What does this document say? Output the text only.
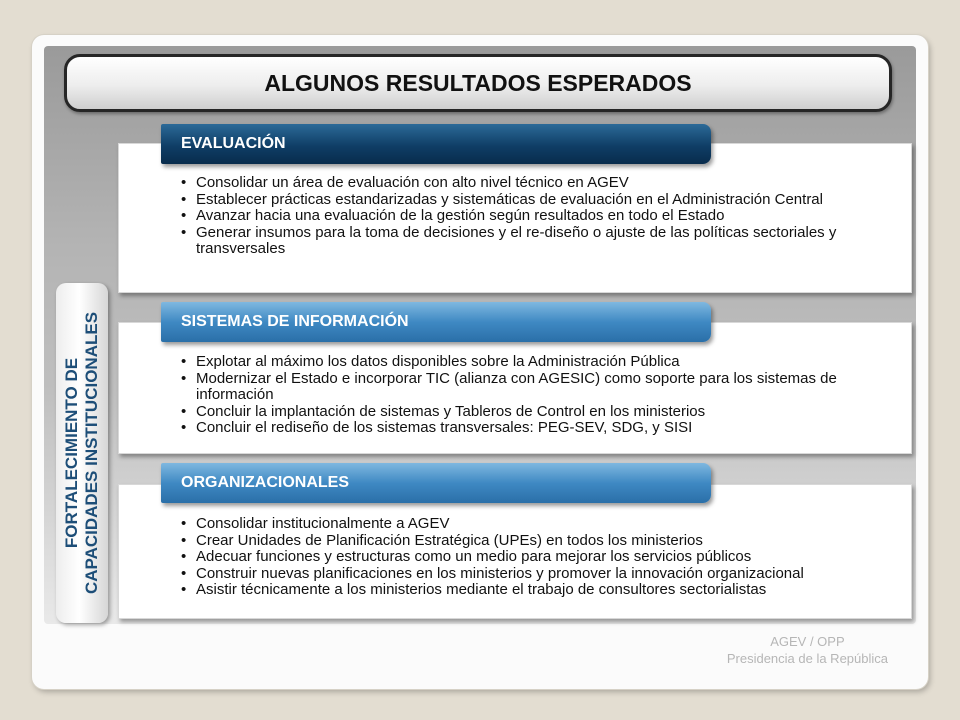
ALGUNOS RESULTADOS ESPERADOS
FORTALECIMIENTO DE CAPACIDADES INSTITUCIONALES
• Consolidar un área de evaluación con alto nivel técnico en AGEV
• Establecer prácticas estandarizadas y sistemáticas de evaluación en el Administración Central
• Avanzar hacia una evaluación de la gestión según resultados en todo el Estado
• Generar insumos para la toma de decisiones y el re-diseño o ajuste de las políticas sectoriales y transversales
EVALUACIÓN
• Explotar al máximo los datos disponibles sobre la Administración Pública
• Modernizar el Estado e incorporar TIC (alianza con AGESIC) como soporte para los sistemas de información
• Concluir la implantación de sistemas y Tableros de Control en los ministerios
• Concluir el rediseño de los sistemas transversales: PEG-SEV, SDG, y SISI
SISTEMAS DE INFORMACIÓN
• Consolidar institucionalmente a AGEV
• Crear Unidades de Planificación Estratégica (UPEs) en todos los ministerios
• Adecuar funciones y estructuras como un medio para mejorar los servicios públicos
• Construir nuevas planificaciones en los ministerios y promover la innovación organizacional
• Asistir técnicamente a los ministerios mediante el trabajo de consultores sectorialistas
ORGANIZACIONALES
AGEV / OPP
Presidencia de la República
